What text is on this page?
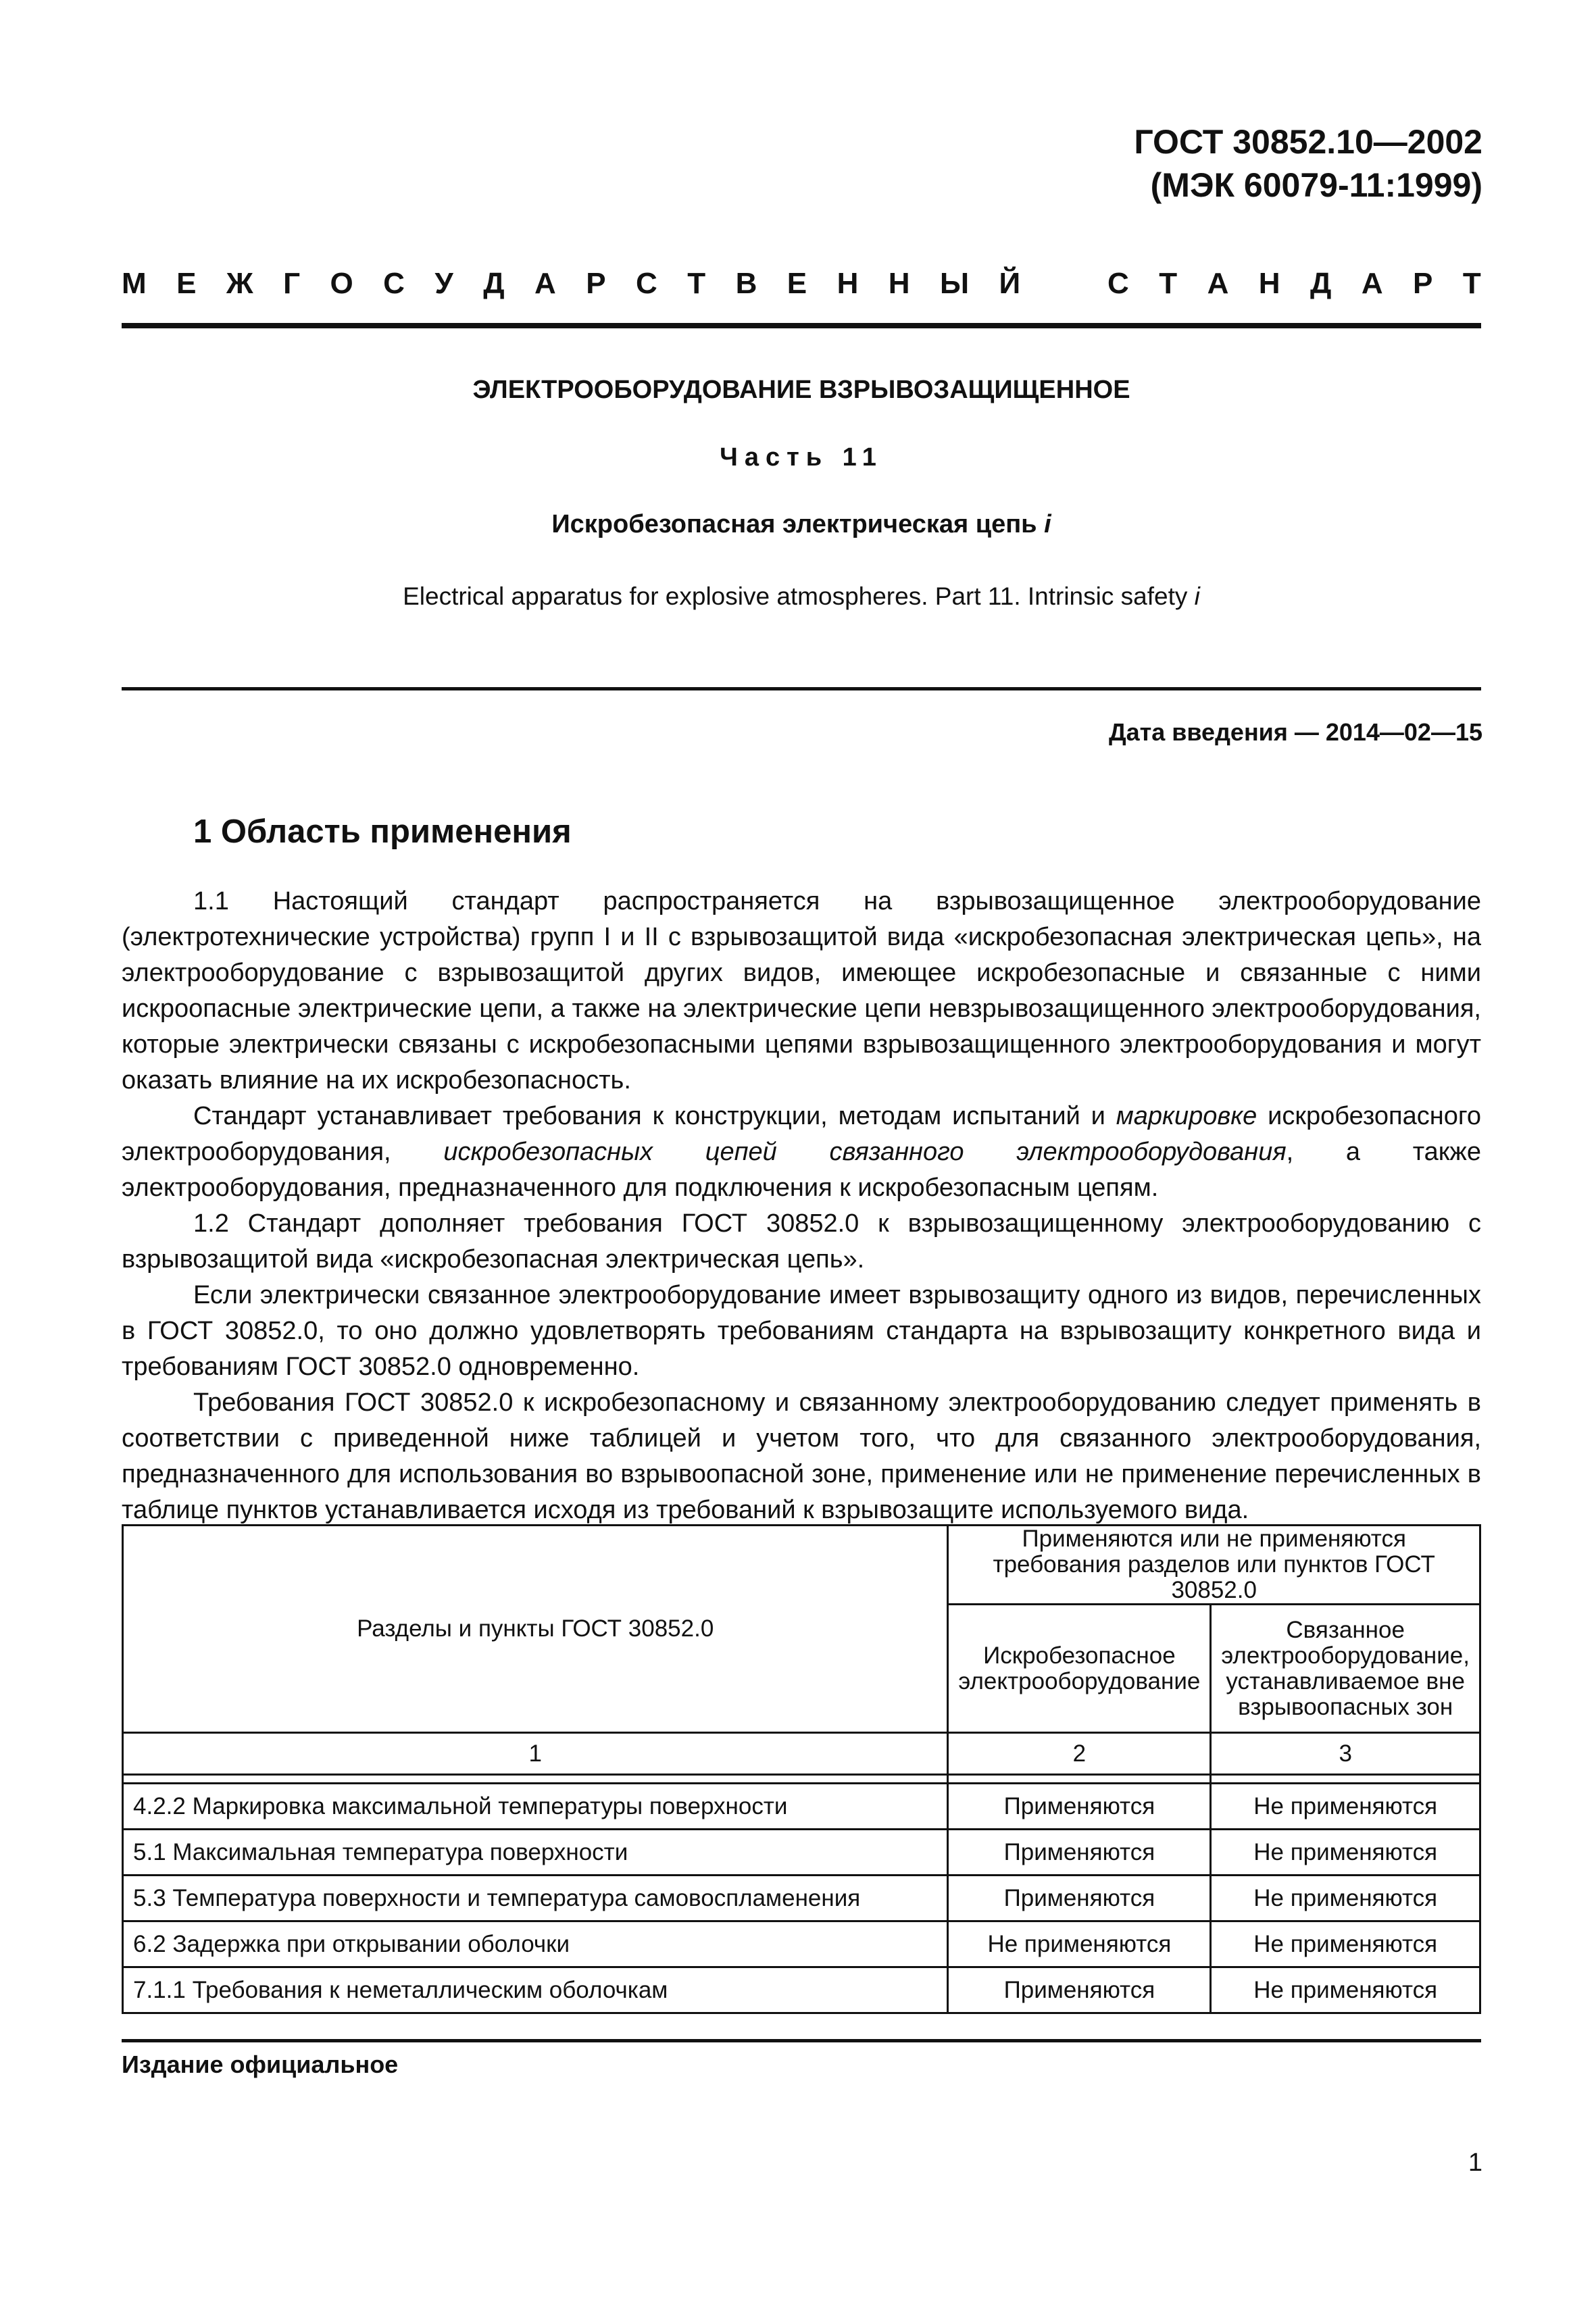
ГОСТ 30852.10—2002
(МЭК 60079-11:1999)
М Е Ж Г О С У Д А Р С Т В Е Н Н Ы Й	С Т А Н Д А Р Т
ЭЛЕКТРООБОРУДОВАНИЕ ВЗРЫВОЗАЩИЩЕННОЕ
Часть 11
Искробезопасная электрическая цепь i
Electrical apparatus for explosive atmospheres. Part 11. Intrinsic safety i
Дата введения — 2014—02—15
1 Область применения

1.1 Настоящий стандарт распространяется на взрывозащищенное электрооборудование (электротехнические устройства) групп I и II с взрывозащитой вида «искробезопасная электрическая цепь», на электрооборудование с взрывозащитой других видов, имеющее искробезопасные и связанные с ними искроопасные электрические цепи, а также на электрические цепи невзрывозащищенного электрооборудования, которые электрически связаны с искробезопасными цепями взрывозащищенного электрооборудования и могут оказать влияние на их искробезопасность.

Стандарт устанавливает требования к конструкции, методам испытаний и маркировке искробезопасного электрооборудования, искробезопасных цепей связанного электрооборудования, а также электрооборудования, предназначенного для подключения к искробезопасным цепям.

1.2 Стандарт дополняет требования ГОСТ 30852.0 к взрывозащищенному электрооборудованию с взрывозащитой вида «искробезопасная электрическая цепь».

Если электрически связанное электрооборудование имеет взрывозащиту одного из видов, перечисленных в ГОСТ 30852.0, то оно должно удовлетворять требованиям стандарта на взрывозащиту конкретного вида и требованиям ГОСТ 30852.0 одновременно.

Требования ГОСТ 30852.0 к искробезопасному и связанному электрооборудованию следует применять в соответствии с приведенной ниже таблицей и учетом того, что для связанного электрооборудования, предназначенного для использования во взрывоопасной зоне, применение или не применение перечисленных в таблице пунктов устанавливается исходя из требований к взрывозащите используемого вида.

Разделы и пункты ГОСТ 30852.0	Применяются или не применяются требования разделов или пунктов ГОСТ 30852.0	
	Искробезопасное электрооборудование	Связанное электрооборудование, устанавливаемое вне взрывоопасных зон
1	2	3

4.2.2 Маркировка максимальной температуры поверхности	Применяются	Не применяются
5.1 Максимальная температура поверхности	Применяются	Не применяются
5.3 Температура поверхности и температура самовоспламенения	Применяются	Не применяются
6.2 Задержка при открывании оболочки	Не применяются	Не применяются
7.1.1 Требования к неметаллическим оболочкам	Применяются	Не применяются
Издание официальное
1
